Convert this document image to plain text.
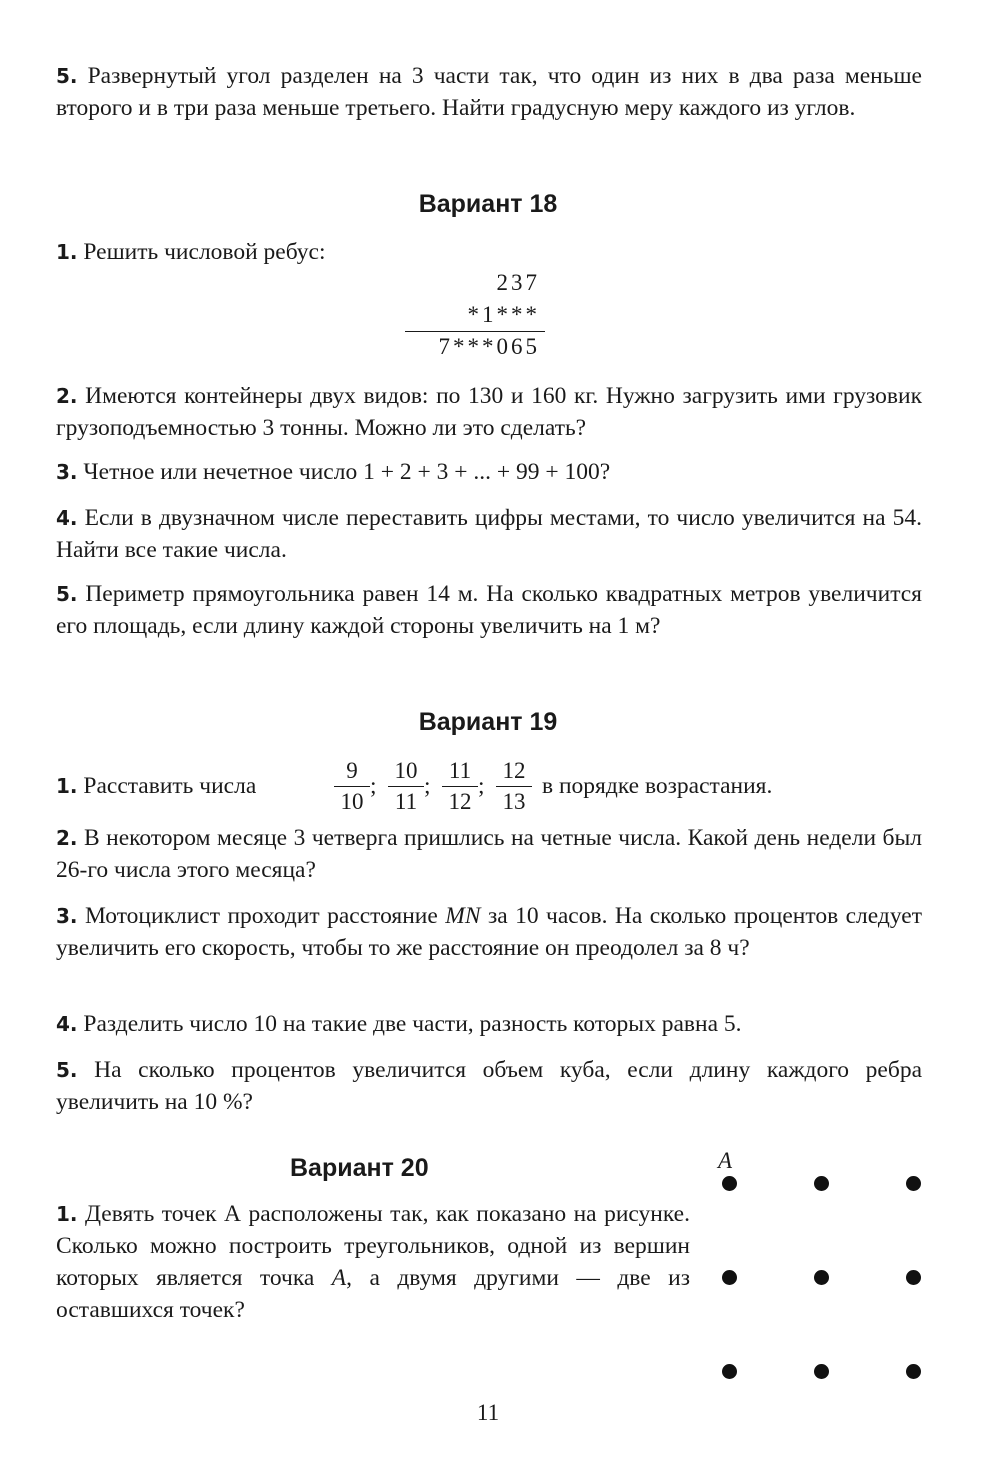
5. Развернутый угол разделен на 3 части так, что один из них в два раза меньше второго и в три раза меньше третьего. Найти градусную меру каждого из углов.
Вариант 18
1. Решить числовой ребус:
237
*1***
7***065
2. Имеются контейнеры двух видов: по 130 и 160 кг. Нужно загрузить ими грузовик грузоподъемностью 3 тонны. Можно ли это сделать?
3. Четное или нечетное число 1 + 2 + 3 + ... + 99 + 100?
4. Если в двузначном числе переставить цифры местами, то число увеличится на 54. Найти все такие числа.
5. Периметр прямоугольника равен 14 м. На сколько квадратных метров увеличится его площадь, если длину каждой стороны увеличить на 1 м?
Вариант 19
1. Расставить числа
9
10
;
10
11
;
11
12
;
12
13
в порядке возрастания.
2. В некотором месяце 3 четверга пришлись на четные числа. Какой день недели был 26-го числа этого месяца?
3. Мотоциклист проходит расстояние MN за 10 часов. На сколько процентов следует увеличить его скорость, чтобы то же расстояние он преодолел за 8 ч?
4. Разделить число 10 на такие две части, разность которых равна 5.
5. На сколько процентов увеличится объем куба, если длину каждого ребра увеличить на 10 %?
Вариант 20
1. Девять точек А расположены так, как показано на рисунке. Сколько можно построить треугольников, одной из вершин которых является точка A, а двумя другими — две из оставшихся точек?
A
11
